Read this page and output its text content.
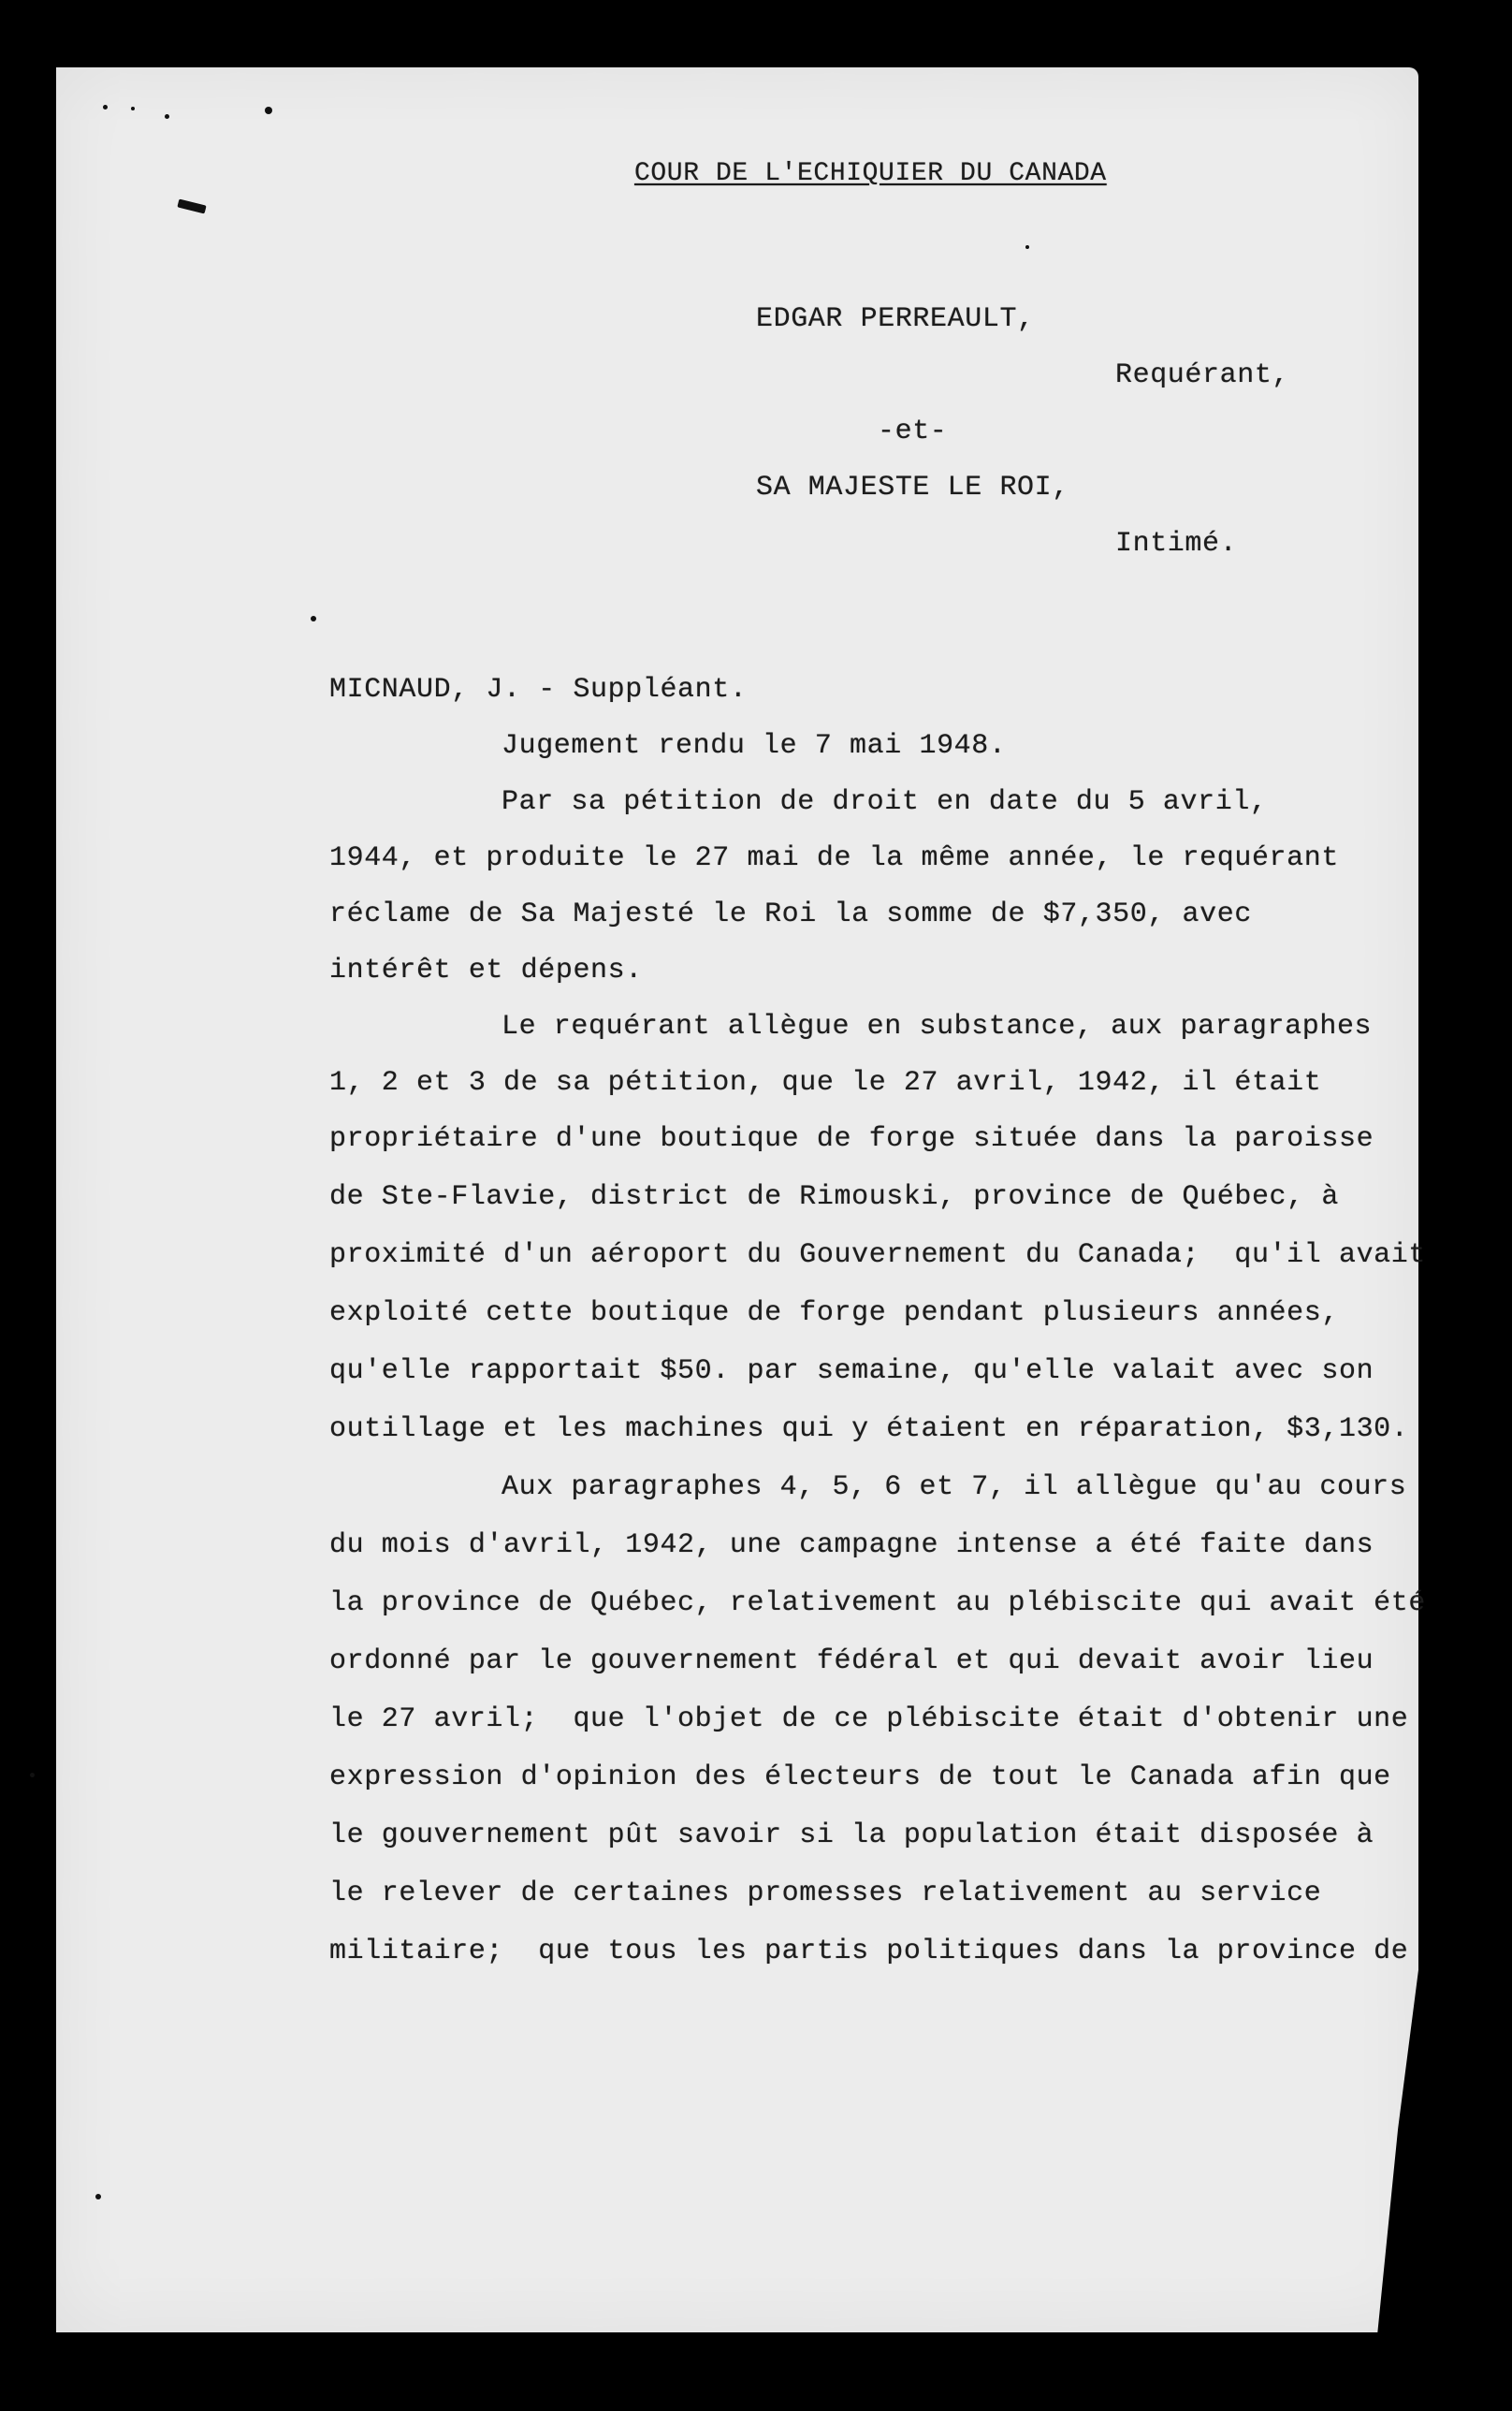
COUR DE L'ECHIQUIER DU CANADA
EDGAR PERREAULT,
Requérant,
-et-
SA MAJESTE LE ROI,
Intimé.
MICNAUD, J. - Suppléant.
Jugement rendu le 7 mai 1948.
Par sa pétition de droit en date du 5 avril,
1944, et produite le 27 mai de la même année, le requérant
réclame de Sa Majesté le Roi la somme de $7,350, avec
intérêt et dépens.
Le requérant allègue en substance, aux paragraphes
1, 2 et 3 de sa pétition, que le 27 avril, 1942, il était
propriétaire d'une boutique de forge située dans la paroisse
de Ste-Flavie, district de Rimouski, province de Québec, à
proximité d'un aéroport du Gouvernement du Canada;  qu'il avait
exploité cette boutique de forge pendant plusieurs années,
qu'elle rapportait $50. par semaine, qu'elle valait avec son
outillage et les machines qui y étaient en réparation, $3,130.
Aux paragraphes 4, 5, 6 et 7, il allègue qu'au cours
du mois d'avril, 1942, une campagne intense a été faite dans
la province de Québec, relativement au plébiscite qui avait été
ordonné par le gouvernement fédéral et qui devait avoir lieu
le 27 avril;  que l'objet de ce plébiscite était d'obtenir une
expression d'opinion des électeurs de tout le Canada afin que
le gouvernement pût savoir si la population était disposée à
le relever de certaines promesses relativement au service
militaire;  que tous les partis politiques dans la province de
